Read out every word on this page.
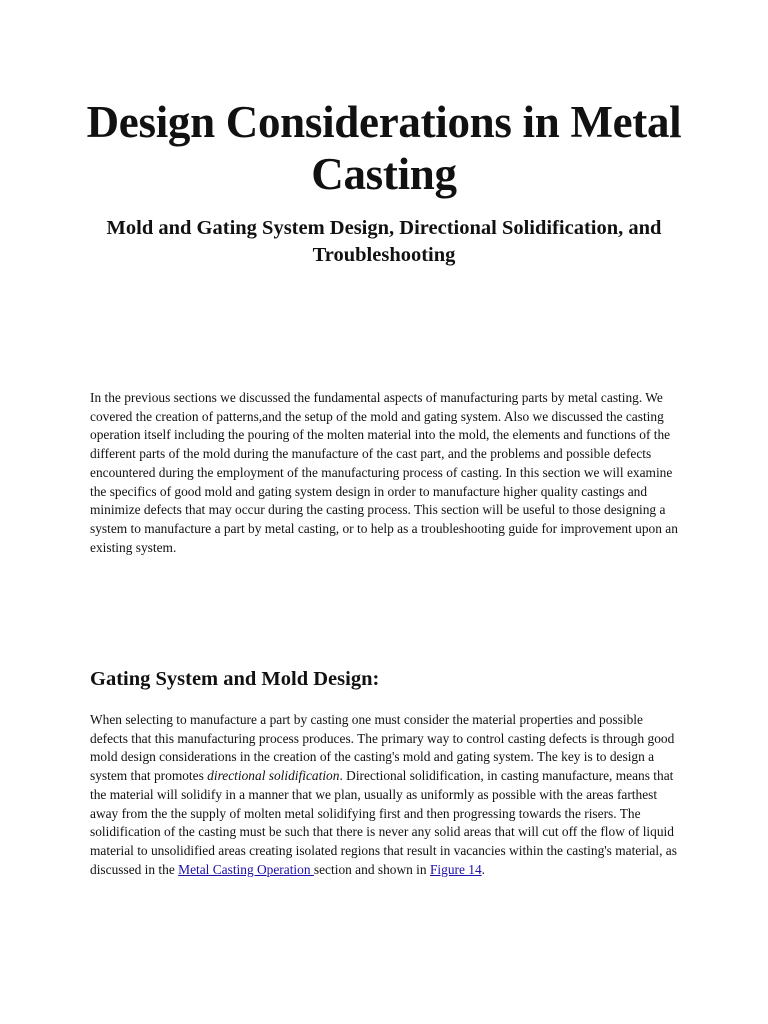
Design Considerations in Metal Casting
Mold and Gating System Design, Directional Solidification, and Troubleshooting

In the previous sections we discussed the fundamental aspects of manufacturing parts by metal casting. We covered the creation of patterns,and the setup of the mold and gating system. Also we discussed the casting operation itself including the pouring of the molten material into the mold, the elements and functions of the different parts of the mold during the manufacture of the cast part, and the problems and possible defects encountered during the employment of the manufacturing process of casting. In this section we will examine the specifics of good mold and gating system design in order to manufacture higher quality castings and minimize defects that may occur during the casting process. This section will be useful to those designing a system to manufacture a part by metal casting, or to help as a troubleshooting guide for improvement upon an existing system.

Gating System and Mold Design:

When selecting to manufacture a part by casting one must consider the material properties and possible defects that this manufacturing process produces. The primary way to control casting defects is through good mold design considerations in the creation of the casting's mold and gating system. The key is to design a system that promotes directional solidification. Directional solidification, in casting manufacture, means that the material will solidify in a manner that we plan, usually as uniformly as possible with the areas farthest away from the the supply of molten metal solidifying first and then progressing towards the risers. The solidification of the casting must be such that there is never any solid areas that will cut off the flow of liquid material to unsolidified areas creating isolated regions that result in vacancies within the casting's material, as discussed in the Metal Casting Operation section and shown in Figure 14.
